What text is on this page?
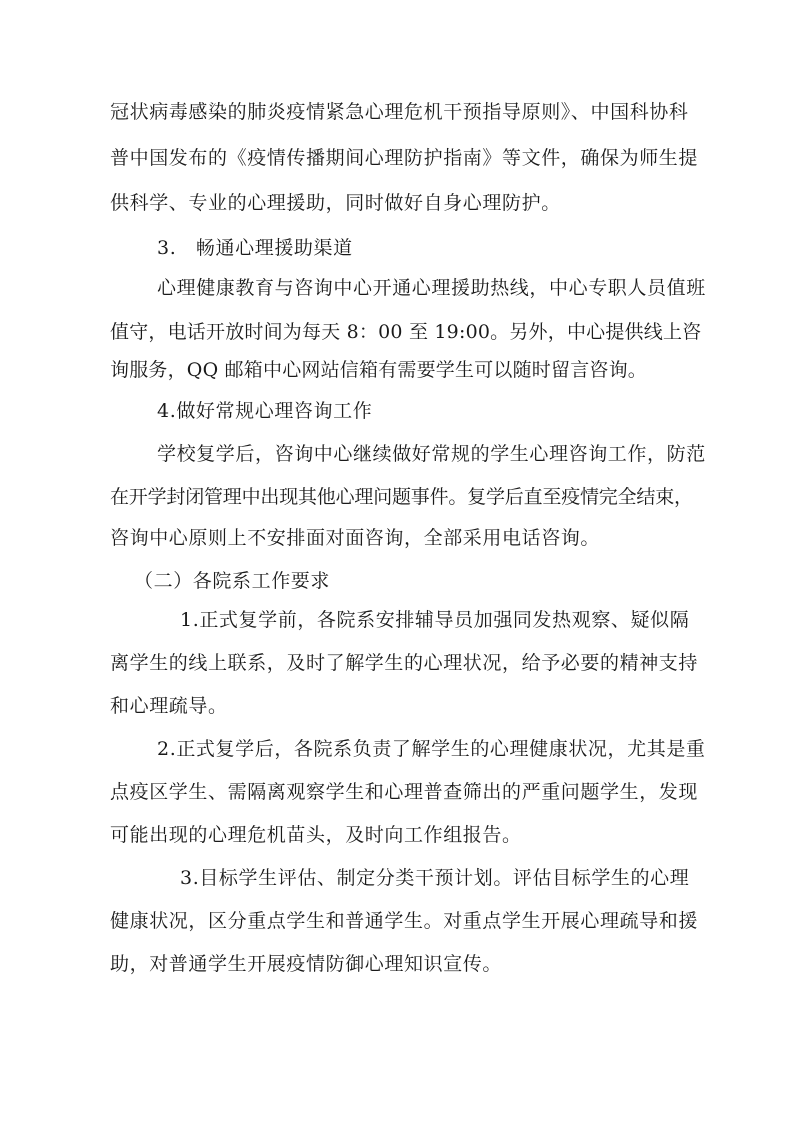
冠状病毒感染的肺炎疫情紧急心理危机干预指导原则》、中国科协科
普中国发布的《疫情传播期间心理防护指南》等文件，确保为师生提
供科学、专业的心理援助，同时做好自身心理防护。
3.　畅通心理援助渠道
心理健康教育与咨询中心开通心理援助热线，中心专职人员值班
值守，电话开放时间为每天 8：00 至 19:00。另外，中心提供线上咨
询服务，QQ 邮箱中心网站信箱有需要学生可以随时留言咨询。
4.做好常规心理咨询工作
学校复学后，咨询中心继续做好常规的学生心理咨询工作，防范
在开学封闭管理中出现其他心理问题事件。复学后直至疫情完全结束，
咨询中心原则上不安排面对面咨询，全部采用电话咨询。
（二）各院系工作要求
1.正式复学前，各院系安排辅导员加强同发热观察、疑似隔
离学生的线上联系，及时了解学生的心理状况，给予必要的精神支持
和心理疏导。
2.正式复学后，各院系负责了解学生的心理健康状况，尤其是重
点疫区学生、需隔离观察学生和心理普查筛出的严重问题学生，发现
可能出现的心理危机苗头，及时向工作组报告。
3.目标学生评估、制定分类干预计划。评估目标学生的心理
健康状况，区分重点学生和普通学生。对重点学生开展心理疏导和援
助，对普通学生开展疫情防御心理知识宣传。
